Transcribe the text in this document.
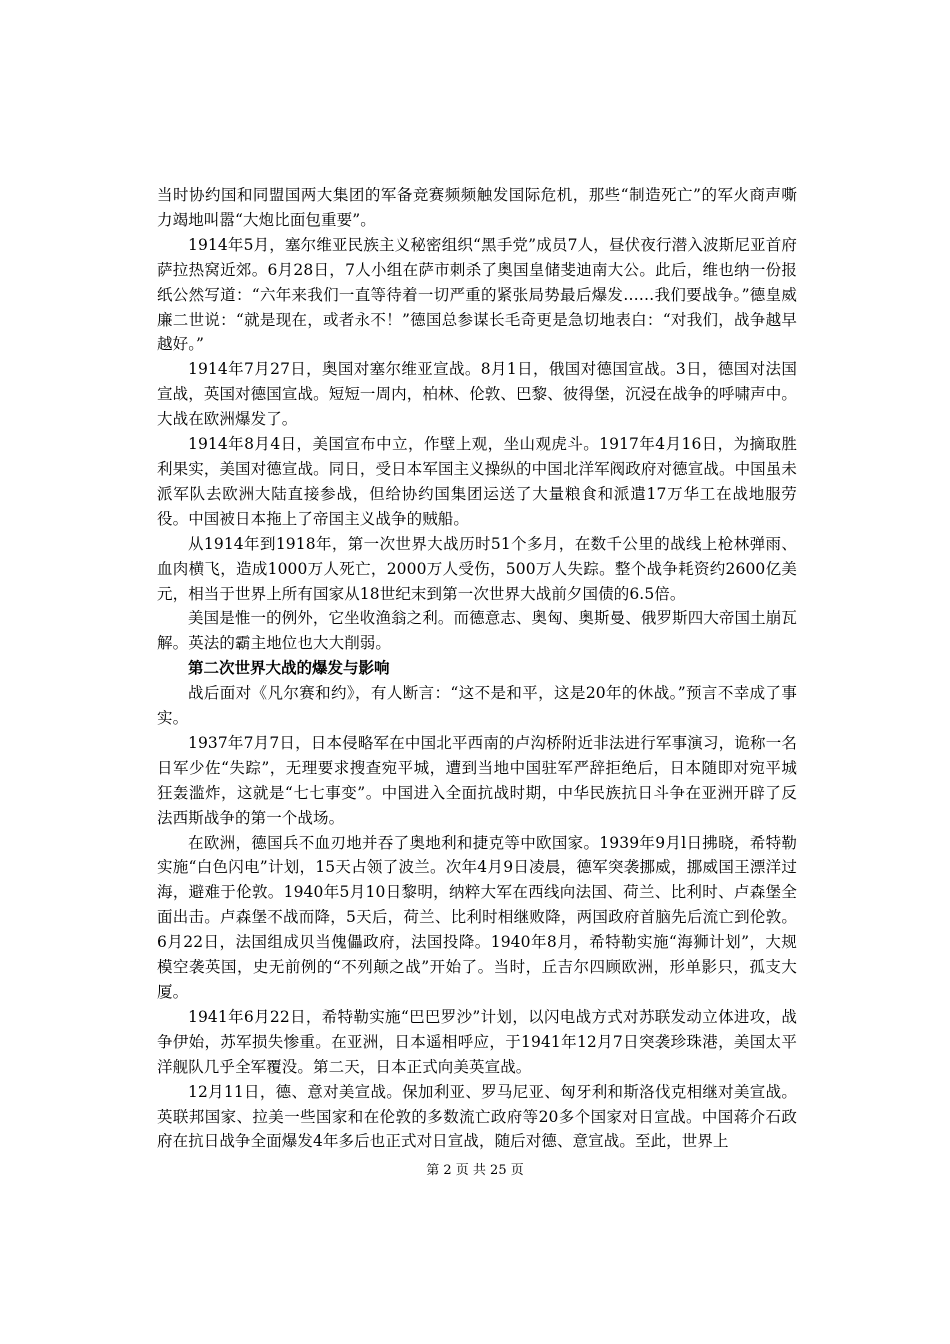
当时协约国和同盟国两大集团的军备竞赛频频触发国际危机，那些“制造死亡”的军火商声嘶力竭地叫嚣“大炮比面包重要”。

1914年5月，塞尔维亚民族主义秘密组织“黑手党”成员7人，昼伏夜行潜入波斯尼亚首府萨拉热窝近郊。6月28日，7人小组在萨市刺杀了奥国皇储斐迪南大公。此后，维也纳一份报纸公然写道：“六年来我们一直等待着一切严重的紧张局势最后爆发……我们要战争。”德皇威廉二世说：“就是现在，或者永不！”德国总参谋长毛奇更是急切地表白：“对我们，战争越早越好。”

1914年7月27日，奥国对塞尔维亚宣战。8月1日，俄国对德国宣战。3日，德国对法国宣战，英国对德国宣战。短短一周内，柏林、伦敦、巴黎、彼得堡，沉浸在战争的呼啸声中。大战在欧洲爆发了。

1914年8月4日，美国宣布中立，作壁上观，坐山观虎斗。1917年4月16日，为摘取胜利果实，美国对德宣战。同日，受日本军国主义操纵的中国北洋军阀政府对德宣战。中国虽未派军队去欧洲大陆直接参战，但给协约国集团运送了大量粮食和派遣17万华工在战地服劳役。中国被日本拖上了帝国主义战争的贼船。

从1914年到1918年，第一次世界大战历时51个多月，在数千公里的战线上枪林弹雨、血肉横飞，造成1000万人死亡，2000万人受伤，500万人失踪。整个战争耗资约2600亿美元，相当于世界上所有国家从18世纪末到第一次世界大战前夕国债的6.5倍。

美国是惟一的例外，它坐收渔翁之利。而德意志、奥匈、奥斯曼、俄罗斯四大帝国土崩瓦解。英法的霸主地位也大大削弱。

第二次世界大战的爆发与影响

战后面对《凡尔赛和约》，有人断言：“这不是和平，这是20年的休战。”预言不幸成了事实。

1937年7月7日，日本侵略军在中国北平西南的卢沟桥附近非法进行军事演习，诡称一名日军少佐“失踪”，无理要求搜查宛平城，遭到当地中国驻军严辞拒绝后，日本随即对宛平城狂轰滥炸，这就是“七七事变”。中国进入全面抗战时期，中华民族抗日斗争在亚洲开辟了反法西斯战争的第一个战场。

在欧洲，德国兵不血刃地并吞了奥地利和捷克等中欧国家。1939年9月l日拂晓，希特勒实施“白色闪电”计划，15天占领了波兰。次年4月9日凌晨，德军突袭挪威，挪威国王漂洋过海，避难于伦敦。1940年5月10日黎明，纳粹大军在西线向法国、荷兰、比利时、卢森堡全面出击。卢森堡不战而降，5天后，荷兰、比利时相继败降，两国政府首脑先后流亡到伦敦。6月22日，法国组成贝当傀儡政府，法国投降。1940年8月，希特勒实施“海狮计划”，大规模空袭英国，史无前例的“不列颠之战”开始了。当时，丘吉尔四顾欧洲，形单影只，孤支大厦。

1941年6月22日，希特勒实施“巴巴罗沙”计划，以闪电战方式对苏联发动立体进攻，战争伊始，苏军损失惨重。在亚洲，日本遥相呼应，于1941年12月7日突袭珍珠港，美国太平洋舰队几乎全军覆没。第二天，日本正式向美英宣战。

12月11日，德、意对美宣战。保加利亚、罗马尼亚、匈牙利和斯洛伐克相继对美宣战。英联邦国家、拉美一些国家和在伦敦的多数流亡政府等20多个国家对日宣战。中国蒋介石政府在抗日战争全面爆发4年多后也正式对日宣战，随后对德、意宣战。至此，世界上

第 2 页 共 25 页
